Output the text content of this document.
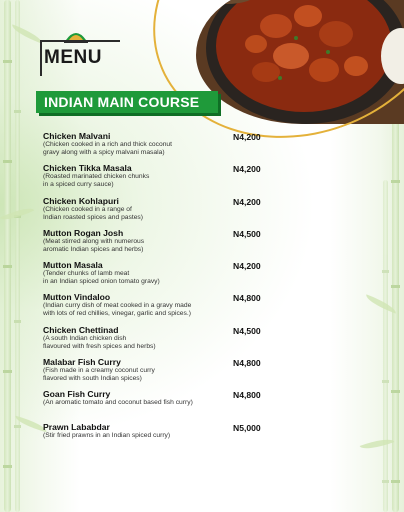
MENU
INDIAN MAIN COURSE
Chicken Malvani
(Chicken cooked in a rich and thick coconut
gravy along with a spicy malvani masala)
N4,200
Chicken Tikka Masala
(Roasted marinated chicken chunks
in a spiced curry sauce)
N4,200
Chicken Kohlapuri
(Chicken cooked in a range of
Indian roasted spices and pastes)
N4,200
Mutton Rogan Josh
(Meat stirred along with numerous
aromatic Indian spices and herbs)
N4,500
Mutton Masala
(Tender chunks of lamb meat
in an Indian spiced onion tomato gravy)
N4,200
Mutton Vindaloo
(Indian curry dish of meat cooked in a gravy made
with lots of red chillies, vinegar, garlic and spices.)
N4,800
Chicken Chettinad
(A south Indian chicken dish
flavoured with fresh spices and herbs)
N4,500
Malabar Fish Curry
(Fish made in a creamy coconut curry
flavored with south Indian spices)
N4,800
Goan Fish Curry
(An aromatic tomato and coconut based fish curry)
N4,800
Prawn Lababdar
(Stir fried prawns in an Indian spiced curry)
N5,000
